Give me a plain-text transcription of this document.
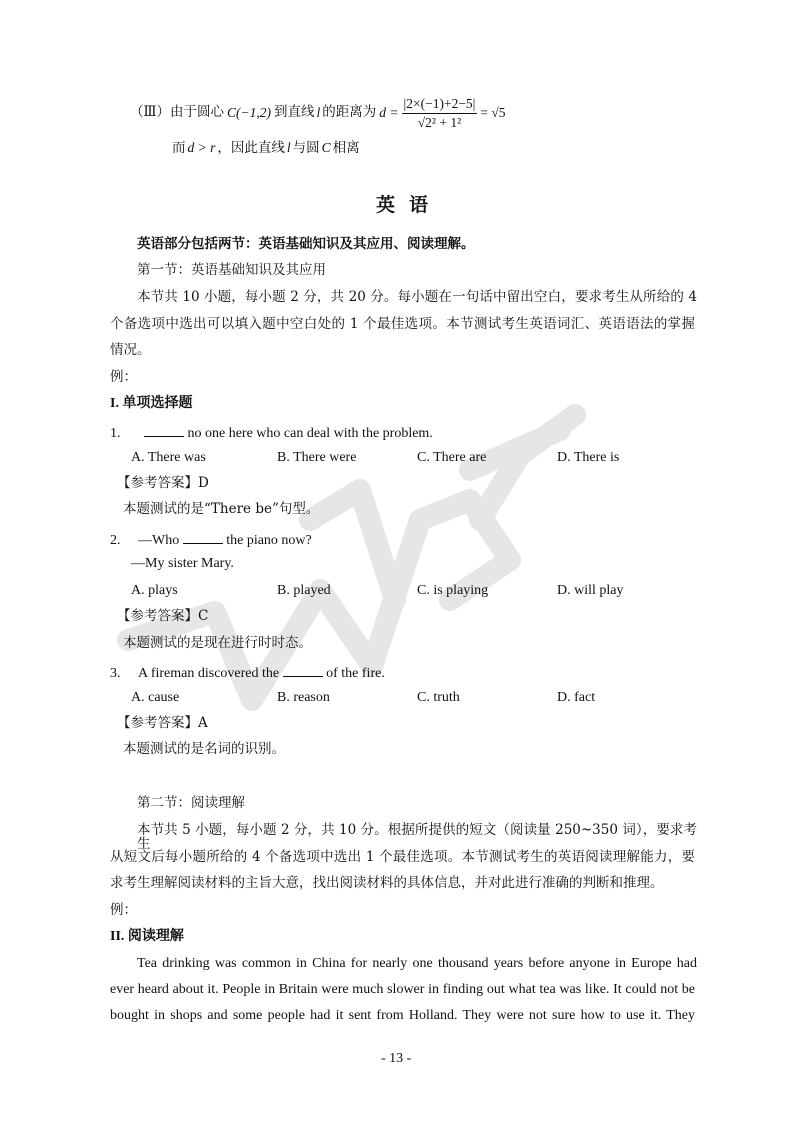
（Ⅲ）由于圆心 C(−1,2) 到直线 l 的距离为 $d = \frac{|2\times(-1)+2-5|}{\text{√2² + 1²}} = √5$
而 d > r ，因此直线 l 与圆 C 相离
英语
英语部分包括两节：英语基础知识及其应用、阅读理解。
第一节：英语基础知识及其应用
本节共 10 小题，每小题 2 分，共 20 分。每小题在一句话中留出空白，要求考生从所给的 4
个备选项中选出可以填入题中空白处的 1 个最佳选项。本节测试考生英语词汇、英语语法的掌握
情况。
例：
I. 单项选择题
1.	no one here who can deal with the problem.
A. There was	B. There were	C. There are	D. There is
【参考答案】D
本题测试的是“There be”句型。
2. —Who	the piano now?
—My sister Mary.
A. plays	B. played	C. is playing	D. will play
【参考答案】C
本题测试的是现在进行时时态。
3. A fireman discovered the	of the fire.
A. cause	B. reason	C. truth	D. fact
【参考答案】A
本题测试的是名词的识别。
第二节：阅读理解
本节共 5 小题，每小题 2 分，共 10 分。根据所提供的短文（阅读量 250~350 词），要求考生
从短文后每小题所给的 4 个备选项中选出 1 个最佳选项。本节测试考生的英语阅读理解能力，要
求考生理解阅读材料的主旨大意，找出阅读材料的具体信息，并对此进行准确的判断和推理。
例：
II. 阅读理解
Tea drinking was common in China for nearly one thousand years before anyone in Europe had
ever heard about it. People in Britain were much slower in finding out what tea was like. It could not be
bought in shops and some people had it sent from Holland. They were not sure how to use it. They
- 13 -
